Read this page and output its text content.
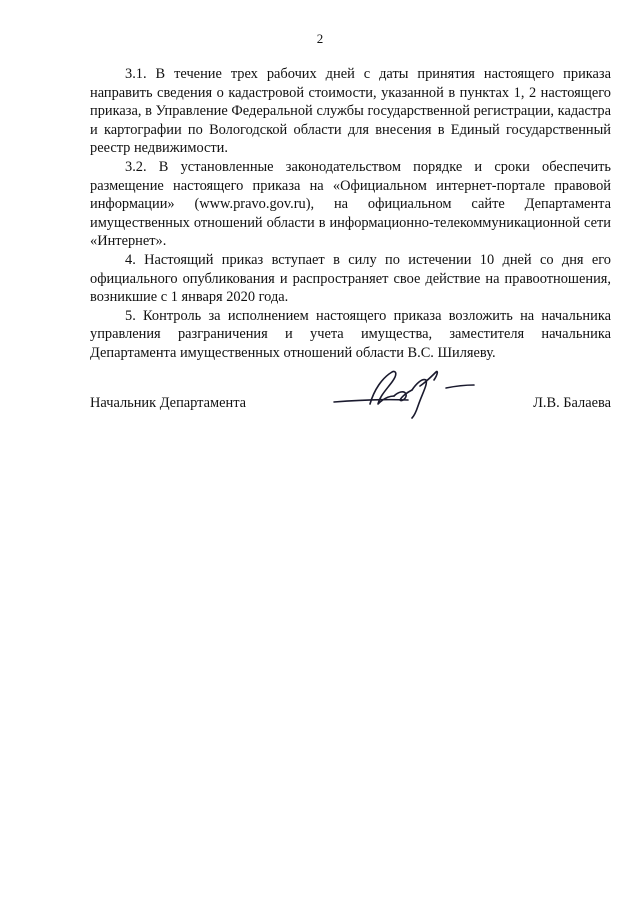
2

3.1. В течение трех рабочих дней с даты принятия настоящего приказа направить сведения о кадастровой стоимости, указанной в пунктах 1, 2 настоящего приказа, в Управление Федеральной службы государственной регистрации, кадастра и картографии по Вологодской области для внесения в Единый государственный реестр недвижимости.

3.2. В установленные законодательством порядке и сроки обеспечить размещение настоящего приказа на «Официальном интернет-портале правовой информации» (www.pravo.gov.ru), на официальном сайте Департамента имущественных отношений области в информационно-телекоммуникационной сети «Интернет».

4. Настоящий приказ вступает в силу по истечении 10 дней со дня его официального опубликования и распространяет свое действие на правоотношения, возникшие с 1 января 2020 года.

5. Контроль за исполнением настоящего приказа возложить на начальника управления разграничения и учета имущества, заместителя начальника Департамента имущественных отношений области В.С. Шиляеву.

Начальник Департамента	Л.В. Балаева
